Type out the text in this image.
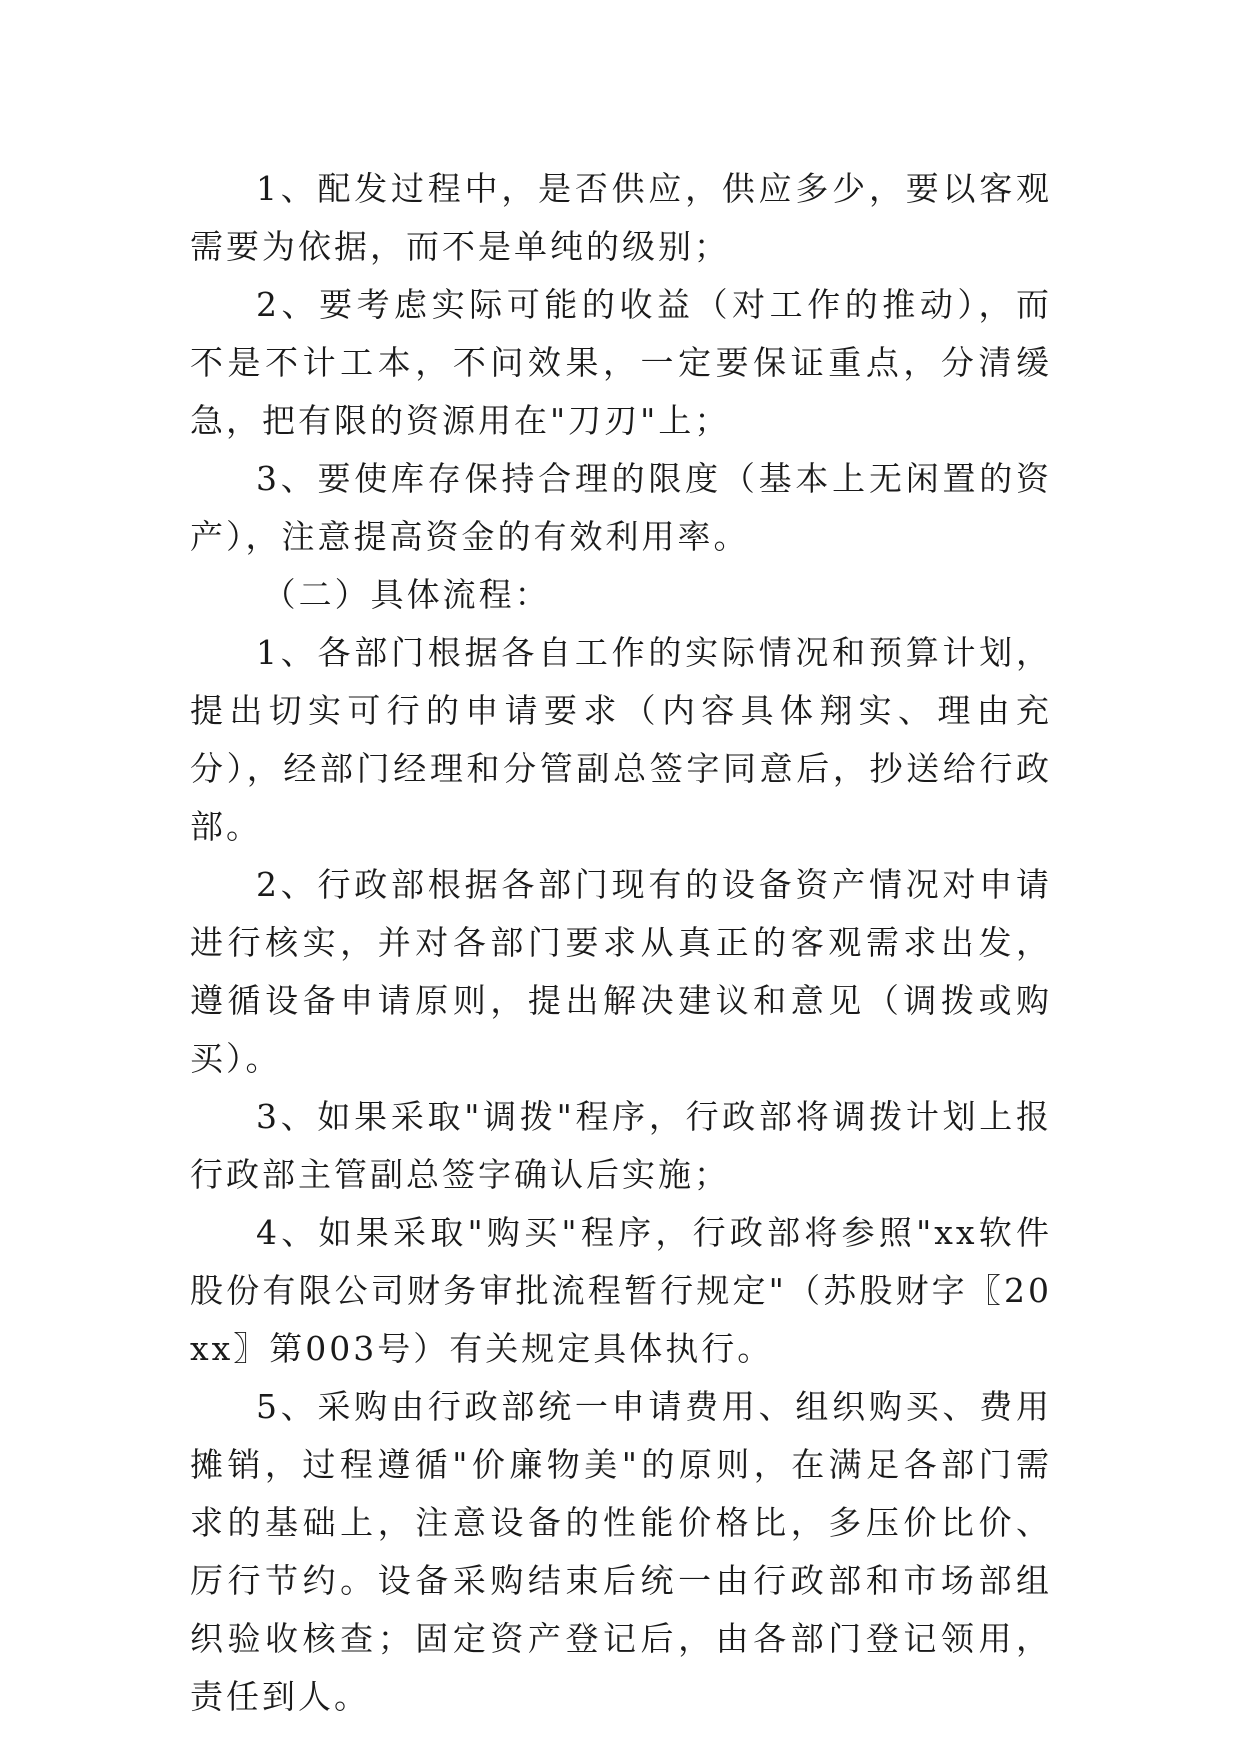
1、配发过程中，是否供应，供应多少，要以客观需要为依据，而不是单纯的级别；

2、要考虑实际可能的收益（对工作的推动），而不是不计工本，不问效果，一定要保证重点，分清缓急，把有限的资源用在"刀刃"上；

3、要使库存保持合理的限度（基本上无闲置的资产），注意提高资金的有效利用率。

（二）具体流程：

1、各部门根据各自工作的实际情况和预算计划，提出切实可行的申请要求（内容具体翔实、理由充分），经部门经理和分管副总签字同意后，抄送给行政部。

2、行政部根据各部门现有的设备资产情况对申请进行核实，并对各部门要求从真正的客观需求出发，遵循设备申请原则，提出解决建议和意见（调拨或购买）。

3、如果采取"调拨"程序，行政部将调拨计划上报行政部主管副总签字确认后实施；

4、如果采取"购买"程序，行政部将参照"xx软件股份有限公司财务审批流程暂行规定"（苏股财字〖20xx〗第003号）有关规定具体执行。

5、采购由行政部统一申请费用、组织购买、费用摊销，过程遵循"价廉物美"的原则，在满足各部门需求的基础上，注意设备的性能价格比，多压价比价、厉行节约。设备采购结束后统一由行政部和市场部组织验收核查；固定资产登记后，由各部门登记领用，责任到人。
